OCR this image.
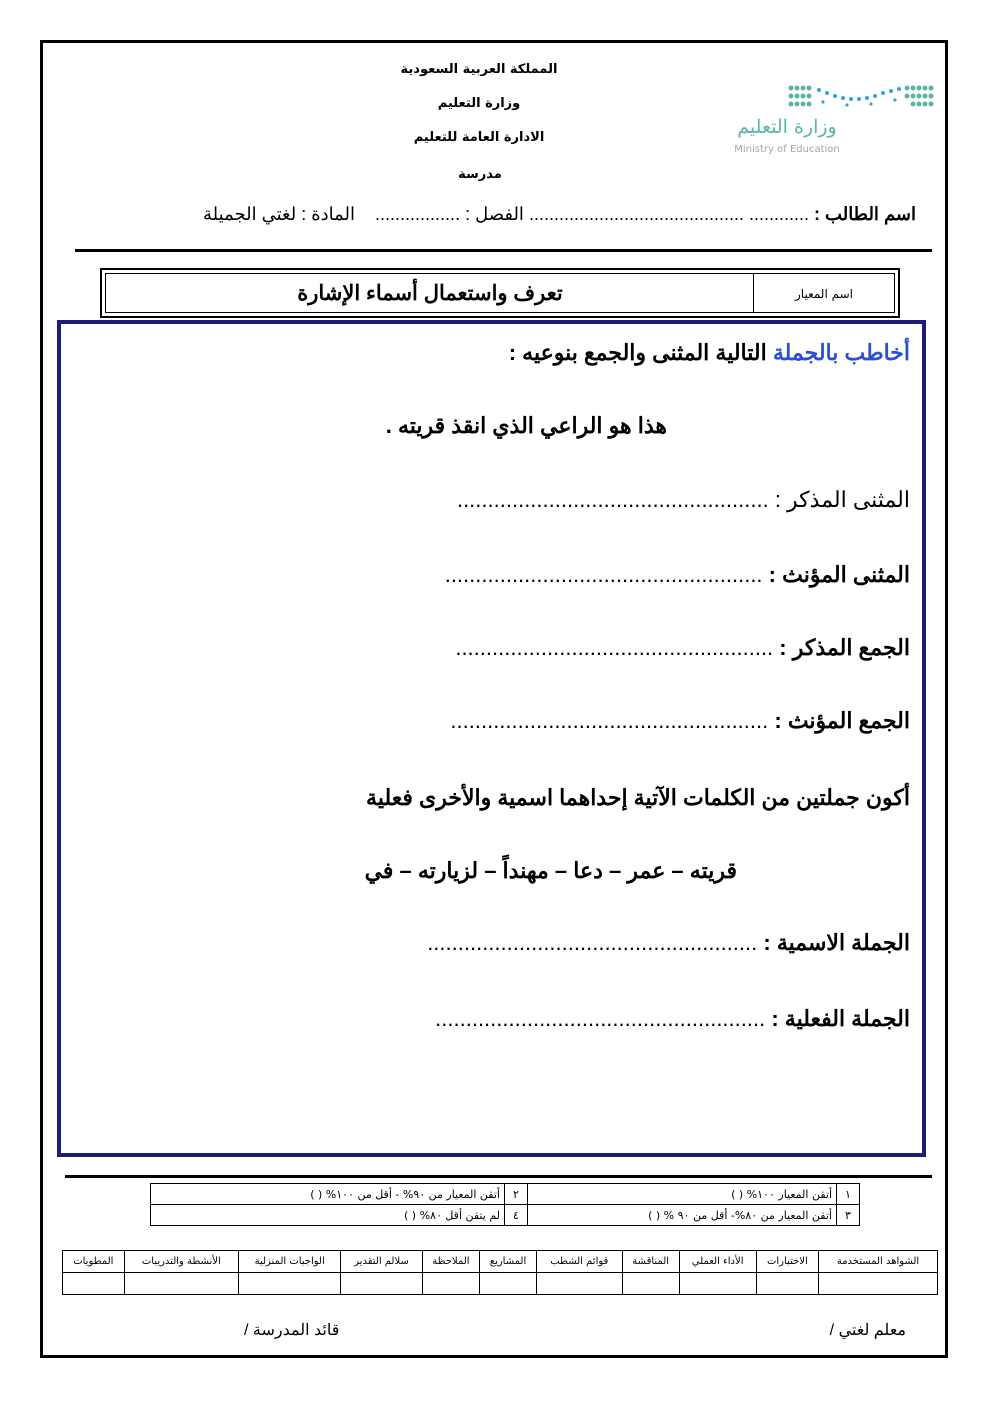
المملكة العربية السعودية
وزارة التعليم
الادارة العامة للتعليم
مدرسة
وزارة التعليم
Ministry of Education
اسم الطالب : ............ ........................................... الفصل : .................    المادة : لغتي الجميلة
اسم المعيار
تعرف واستعمال أسماء الإشارة
أخاطب بالجملة التالية المثنى والجمع بنوعيه :
هذا هو الراعي الذي انقذ قريته .
المثنى المذكر : ...................................................
المثنى المؤنث : ....................................................
الجمع المذكر : ....................................................
الجمع المؤنث : ....................................................
أكون جملتين من الكلمات الآتية إحداهما اسمية والأخرى فعلية
قريته – عمر – دعا – مهنداً – لزيارته – في
الجملة الاسمية : ......................................................
الجملة الفعلية : ......................................................
١	أتقن المعيار ١٠٠% ( )	٢	أتقن المعيار من ٩٠% - أقل من ١٠٠% ( )
٣	أتقن المعيار من ٨٠%- أقل من ٩٠ % ( )	٤	لم يتقن أقل ٨٠% ( )
الشواهد المستخدمة	الاختبارات	الأداء العملي	المناقشة	قوائم الشطب	المشاريع	الملاحظة	سلالم التقدير	الواجبات المنزلية	الأنشطة والتدريبات	المطويات

معلم لغتي /
قائد المدرسة /
